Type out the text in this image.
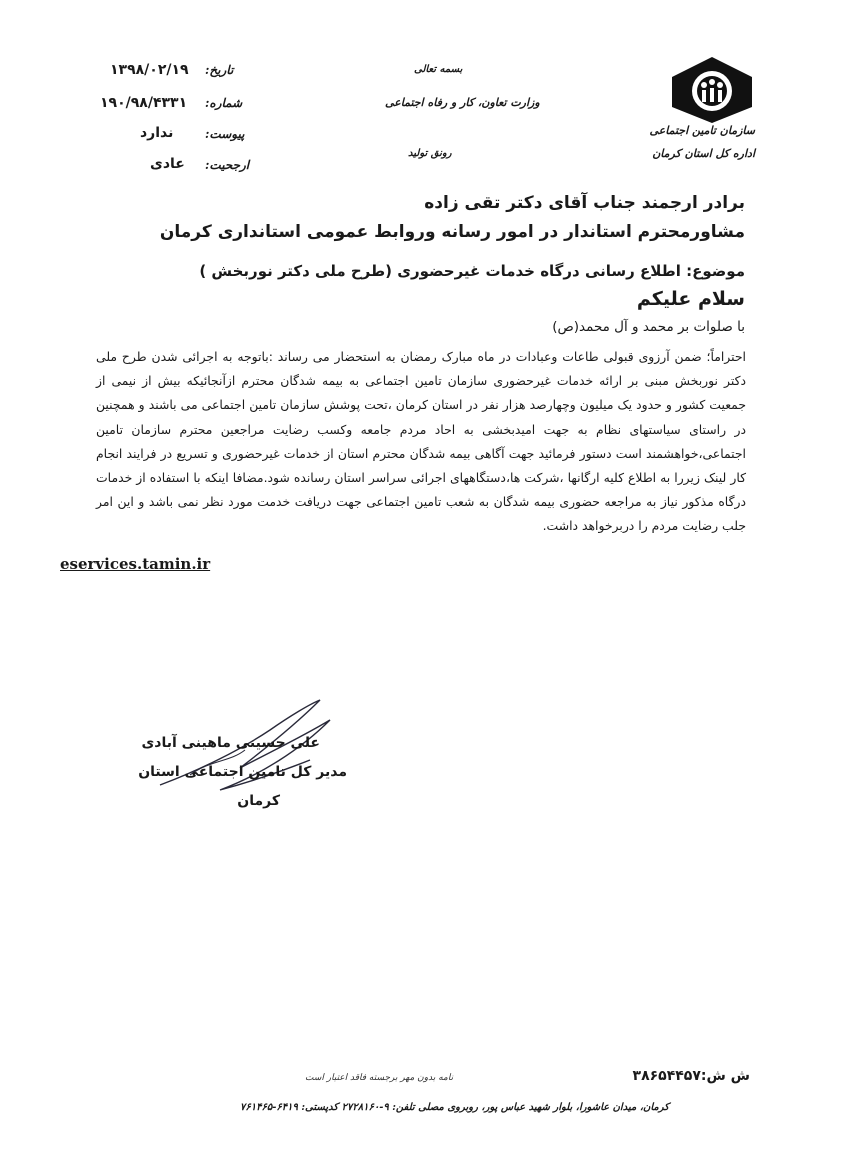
سازمان تامین اجتماعی
اداره کل استان کرمان
بسمه تعالی
وزارت تعاون، کار و رفاه اجتماعی
رونق تولید
تاریخ:
۱۳۹۸/۰۲/۱۹
شماره:
۱۹۰/۹۸/۴۳۳۱
پیوست:
ندارد
ارجحیت:
عادی
برادر ارجمند جناب آقای دکتر تقی زاده
مشاورمحترم استاندار در امور رسانه وروابط عمومی استانداری کرمان
موضوع: اطلاع رسانی درگاه خدمات غیرحضوری (طرح ملی دکتر نوربخش )
سلام علیکم
با صلوات بر محمد و آل محمد(ص)
احتراماً؛ ضمن آرزوی قبولی طاعات وعبادات در ماه مبارک رمضان به استحضار می رساند :باتوجه به اجرائی شدن طرح ملی دکتر نوربخش مبنی بر ارائه خدمات غیرحضوری سازمان تامین اجتماعی به بیمه شدگان محترم ازآنجائیکه بیش از نیمی از جمعیت کشور و حدود یک میلیون وچهارصد هزار نفر در استان کرمان ،تحت پوشش سازمان تامین اجتماعی می باشند و همچنین در راستای سیاستهای نظام به جهت امیدبخشی به احاد مردم جامعه وکسب رضایت مراجعین محترم سازمان تامین اجتماعی،خواهشمند است دستور فرمائید جهت آگاهی بیمه شدگان محترم استان از خدمات غیرحضوری و تسریع در فرایند انجام کار لینک زیررا به اطلاع کلیه ارگانها ،شرکت ها،دستگاههای اجرائی سراسر استان رسانده شود.مضافا اینکه با استفاده از خدمات درگاه مذکور نیاز به مراجعه حضوری بیمه شدگان به شعب تامین اجتماعی جهت دریافت خدمت مورد نظر نمی باشد و این امر جلب رضایت مردم را دربرخواهد داشت.
eservices.tamin.ir
علی حسینی ماهینی آبادی
مدیر کل تامین اجتماعی استان
کرمان
ش ش:۳۸۶۵۴۴۵۷
نامه بدون مهر برجسته فاقد اعتبار است
کرمان، میدان عاشورا، بلوار شهید عباس پور، روبروی مصلی تلفن: ۹-۲۷۲۸۱۶۰ کدپستی: ۶۴۱۹-۷۶۱۴۶۵
